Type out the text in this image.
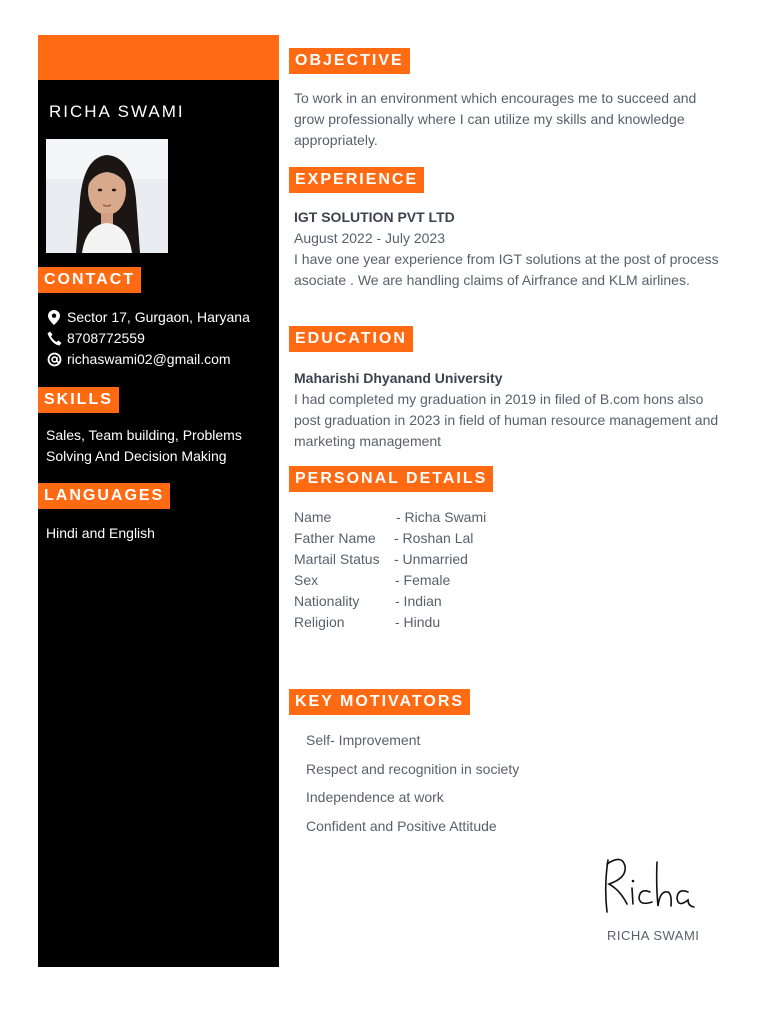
RICHA SWAMI
CONTACT
Sector 17, Gurgaon, Haryana
8708772559
richaswami02@gmail.com
SKILLS
Sales, Team building, Problems Solving And Decision Making
LANGUAGES
Hindi and English
OBJECTIVE
To work in an environment which encourages me to succeed and grow professionally where I can utilize my skills and knowledge appropriately.
EXPERIENCE
IGT SOLUTION PVT LTD
August 2022 - July 2023
I have one year experience from IGT solutions at the post of process asociate . We are handling claims of Airfrance and KLM airlines.
EDUCATION
Maharishi Dhyanand University
I had completed my graduation in 2019 in filed of B.com hons also post graduation in 2023 in field of human resource management and marketing management
PERSONAL DETAILS
Name	- Richa Swami
Father Name	- Roshan Lal
Martail Status	- Unmarried
Sex	- Female
Nationality	- Indian
Religion	- Hindu
KEY MOTIVATORS
Self- Improvement
Respect and recognition in society
Independence at work
Confident and Positive Attitude
RICHA SWAMI
